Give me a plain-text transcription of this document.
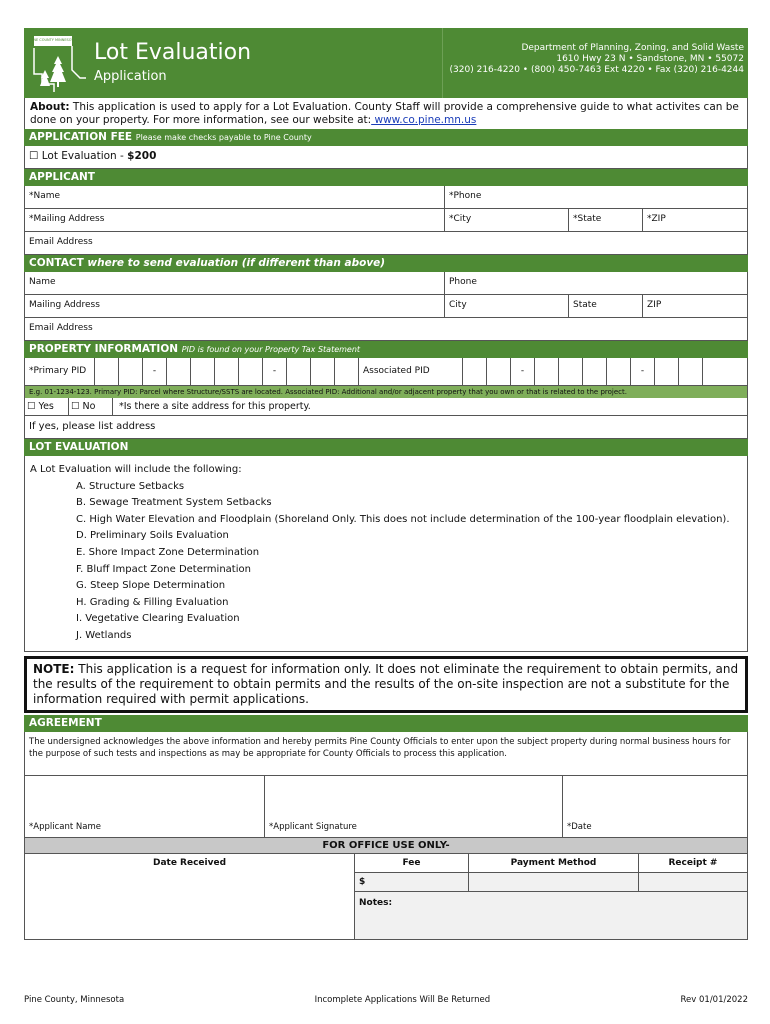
PINE COUNTY MINNESOTA Lot Evaluation
Application
Department of Planning, Zoning, and Solid Waste
1610 Hwy 23 N • Sandstone, MN • 55072
(320) 216-4220 • (800) 450-7463 Ext 4220 • Fax (320) 216-4244
About: This application is used to apply for a Lot Evaluation. County Staff will provide a comprehensive guide to what activites can be done on your property. For more information, see our website at: www.co.pine.mn.us
APPLICATION FEE Please make checks payable to Pine County
☐ Lot Evaluation - $200
APPLICANT
*Name	*Phone
*Mailing Address	*City	*State	*ZIP
Email Address
CONTACT where to send evaluation (if different than above)
Name	Phone
Mailing Address	City	State	ZIP
Email Address
PROPERTY INFORMATION PID is found on your Property Tax Statement
*Primary PID	-	-	Associated PID	-	-
E.g. 01-1234-123. Primary PID: Parcel where Structure/SSTS are located. Associated PID: Additional and/or adjacent property that you own or that is related to the project.
☐ Yes	☐ No	*Is there a site address for this property.
If yes, please list address
LOT EVALUATION
A Lot Evaluation will include the following:
A. Structure Setbacks
B. Sewage Treatment System Setbacks
C. High Water Elevation and Floodplain (Shoreland Only. This does not include determination of the 100-year floodplain elevation).
D. Preliminary Soils Evaluation
E. Shore Impact Zone Determination
F. Bluff Impact Zone Determination
G. Steep Slope Determination
H. Grading & Filling Evaluation
I. Vegetative Clearing Evaluation
J. Wetlands
NOTE: This application is a request for information only. It does not eliminate the requirement to obtain permits, and the results of the requirement to obtain permits and the results of the on-site inspection are not a substitute for the information required with permit applications.
AGREEMENT
The undersigned acknowledges the above information and hereby permits Pine County Officials to enter upon the subject property during normal business hours for the purpose of such tests and inspections as may be appropriate for County Officials to process this application.
*Applicant Name	*Applicant Signature	*Date
FOR OFFICE USE ONLY-
Date Received	Fee	Payment Method	Receipt #
$
Notes:
Pine County, Minnesota	Incomplete Applications Will Be Returned	Rev 01/01/2022
